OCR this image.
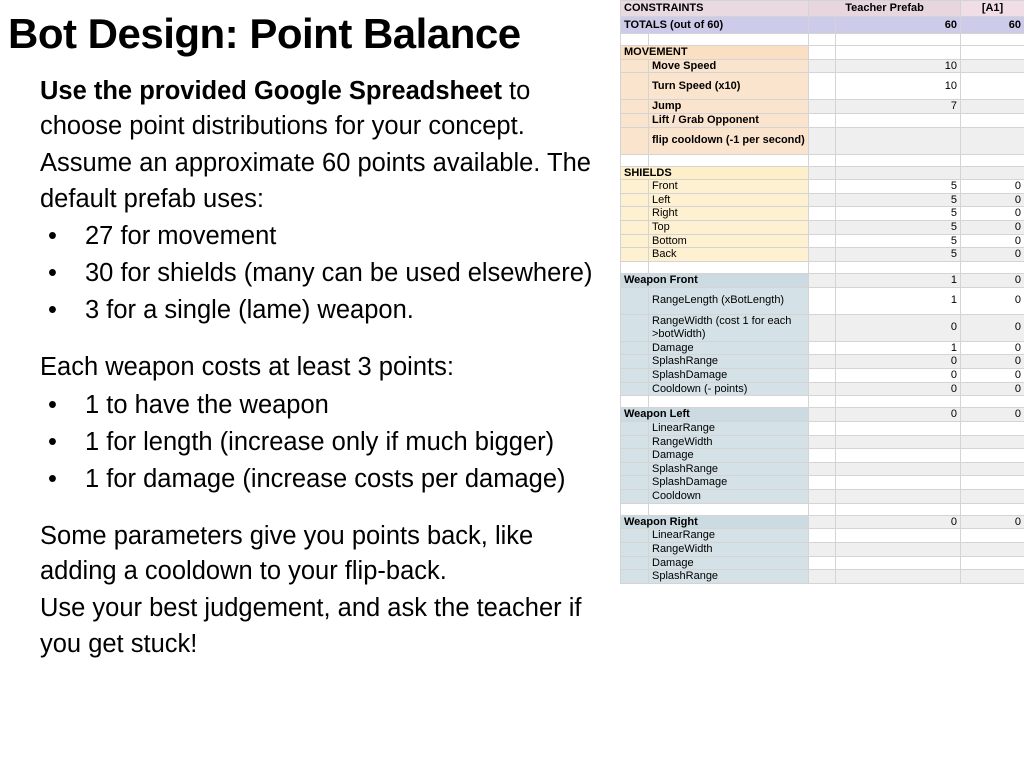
Bot Design: Point Balance

Use the provided Google Spreadsheet to choose point distributions for your concept.

Assume an approximate 60 points available. The default prefab uses:

• 27 for movement
• 30 for shields (many can be used elsewhere)
• 3 for a single (lame) weapon.

Each weapon costs at least 3 points:

• 1 to have the weapon
• 1 for length (increase only if much bigger)
• 1 for damage (increase costs per damage)

Some parameters give you points back, like adding a cooldown to your flip-back.

Use your best judgement, and ask the teacher if you get stuck!

CONSTRAINTS		Teacher Prefab		[A1]
TOTALS (out of 60)			60	60

MOVEMENT				
	Move Speed		10	
	Turn Speed (x10)		10	
	Jump		7	
	Lift / Grab Opponent			
	flip cooldown (-1 per second)			

SHIELDS				
	Front		5	0
	Left		5	0
	Right		5	0
	Top		5	0
	Bottom		5	0
	Back		5	0

Weapon Front			1	0
	RangeLength (xBotLength)		1	0
	RangeWidth (cost 1 for each >botWidth)		0	0
	Damage		1	0
	SplashRange		0	0
	SplashDamage		0	0
	Cooldown (- points)		0	0

Weapon Left			0	0
	LinearRange			
	RangeWidth			
	Damage			
	SplashRange			
	SplashDamage			
	Cooldown			

Weapon Right			0	0
	LinearRange			
	RangeWidth			
	Damage			
	SplashRange			
